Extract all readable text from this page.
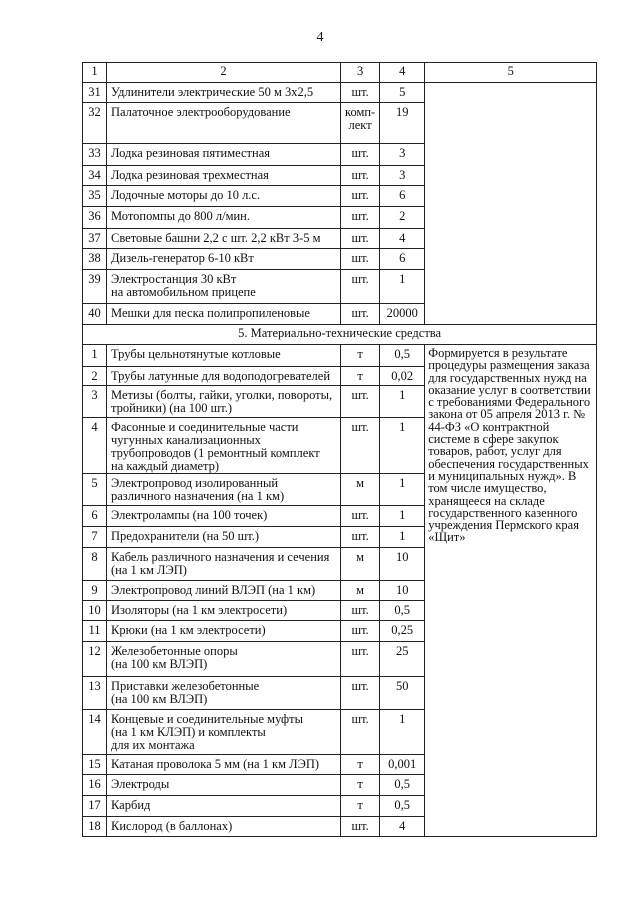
4
1	2	3	4	5
31	Удлинители электрические 50 м 3х2,5	шт.	5	
32	Палаточное электрооборудование	комп-
лект	19	
33	Лодка резиновая пятиместная	шт.	3	
34	Лодка резиновая трехместная	шт.	3	
35	Лодочные моторы до 10 л.с.	шт.	6	
36	Мотопомпы до 800 л/мин.	шт.	2	
37	Световые башни 2,2 с шт. 2,2 кВт 3-5 м	шт.	4	
38	Дизель-генератор 6-10 кВт	шт.	6	
39	Электростанция 30 кВт
на автомобильном прицепе	шт.	1	
40	Мешки для песка полипропиленовые	шт.	20000	
5. Материально-технические средства				
1	Трубы цельнотянутые котловые	т	0,5	Формируется в результате процедуры размещения заказа для государственных нужд на оказание услуг в соответствии с требованиями Федерального закона от 05 апреля 2013 г. № 44-ФЗ «О контрактной системе в сфере закупок товаров, работ, услуг для обеспечения государственных и муниципальных нужд». В том числе имущество, хранящееся на складе государственного казенного учреждения Пермского края «Щит»
2	Трубы латунные для водоподогревателей	т	0,02	
3	Метизы (болты, гайки, уголки, повороты,
тройники) (на 100 шт.)	шт.	1	
4	Фасонные и соединительные части
чугунных канализационных
трубопроводов (1 ремонтный комплект
на каждый диаметр)	шт.	1	
5	Электропровод изолированный
различного назначения (на 1 км)	м	1	
6	Электролампы (на 100 точек)	шт.	1	
7	Предохранители (на 50 шт.)	шт.	1	
8	Кабель различного назначения и сечения
(на 1 км ЛЭП)	м	10	
9	Электропровод линий ВЛЭП (на 1 км)	м	10	
10	Изоляторы (на 1 км электросети)	шт.	0,5	
11	Крюки (на 1 км электросети)	шт.	0,25	
12	Железобетонные опоры
(на 100 км ВЛЭП)	шт.	25	
13	Приставки железобетонные
(на 100 км ВЛЭП)	шт.	50	
14	Концевые и соединительные муфты
(на 1 км КЛЭП) и комплекты
для их монтажа	шт.	1	
15	Катаная проволока 5 мм (на 1 км ЛЭП)	т	0,001	
16	Электроды	т	0,5	
17	Карбид	т	0,5	
18	Кислород (в баллонах)	шт.	4	
